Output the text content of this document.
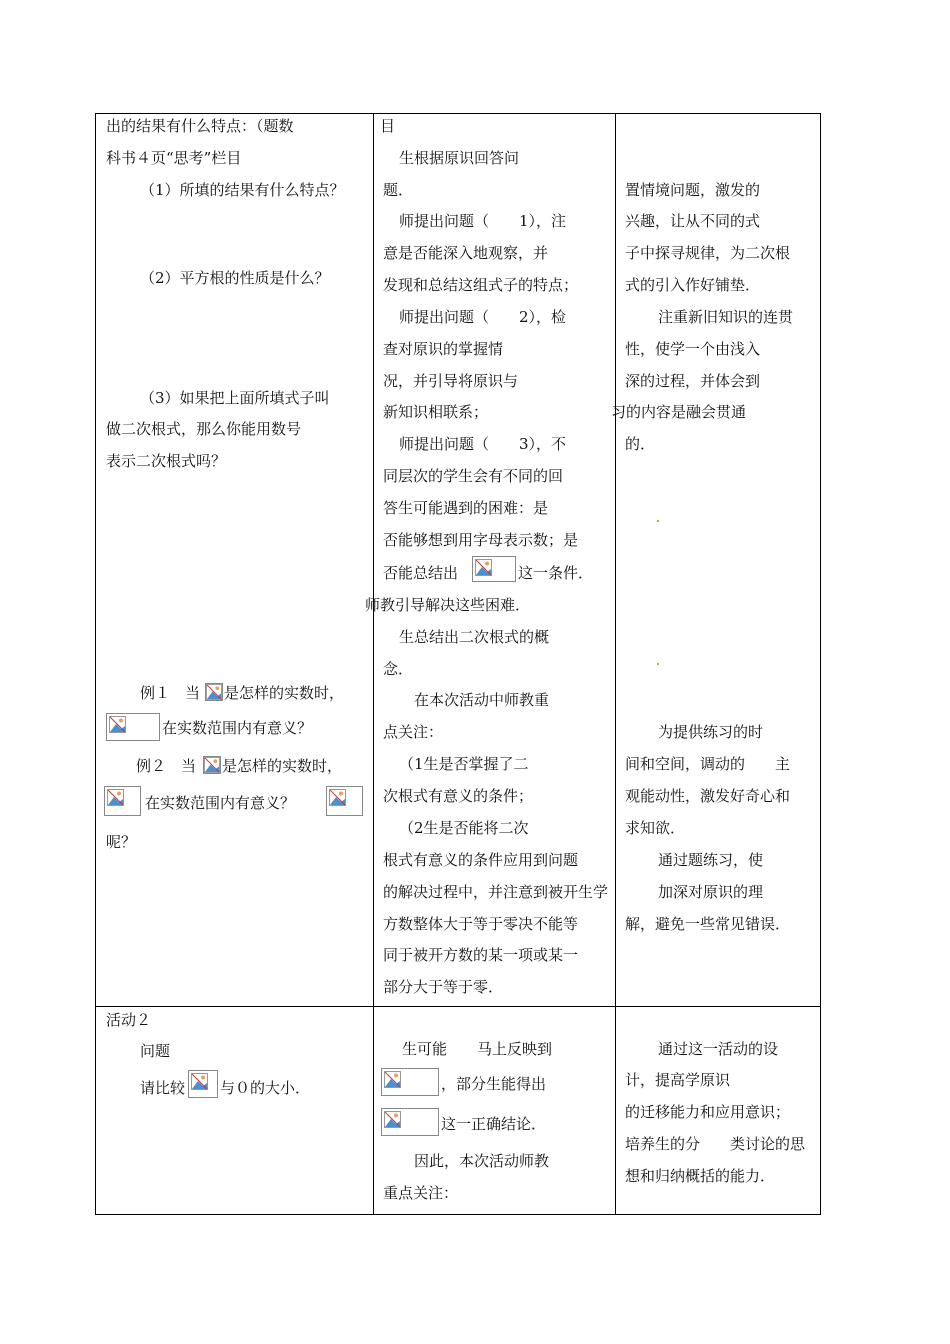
出的结果有什么特点：（题数
科书４页“思考”栏目
（1）所填的结果有什么特点？
（2）平方根的性质是什么？
（3）如果把上面所填式子叫
做二次根式，那么你能用数号
表示二次根式吗？
例１　当 是怎样的实数时，
在实数范围内有意义？
例２　当 是怎样的实数时，
在实数范围内有意义？
呢？
目
生根据原识回答问
题．
师提出问题（　　1），注
意是否能深入地观察，并
发现和总结这组式子的特点；
师提出问题（　　2），检
查对原识的掌握情
况，并引导将原识与
新知识相联系；
师提出问题（　　3），不
同层次的学生会有不同的回
答生可能遇到的困难：是
否能够想到用字母表示数；是
否能总结出	这一条件．
师教引导解决这些困难．
生总结出二次根式的概
念．
在本次活动中师教重
点关注：
（1生是否掌握了二
次根式有意义的条件；
（2生是否能将二次
根式有意义的条件应用到问题
的解决过程中，并注意到被开生学
方数整体大于等于零决不能等
同于被开方数的某一项或某一
部分大于等于零．
置情境问题，激发的
兴趣，让从不同的式
子中探寻规律，为二次根
式的引入作好铺垫．
注重新旧知识的连贯
性，使学一个由浅入
深的过程，并体会到
习的内容是融会贯通
的．
为提供练习的时
间和空间，调动的　　主
观能动性，激发好奇心和
求知欲．
通过题练习，使
加深对原识的理
解，避免一些常见错误．
活动２
问题
请比较 与０的大小．
生可能　　马上反映到
，部分生能得出
这一正确结论．
因此，本次活动师教
重点关注：
通过这一活动的设
计，提高学原识
的迁移能力和应用意识；
培养生的分　　类讨论的思
想和归纳概括的能力．
